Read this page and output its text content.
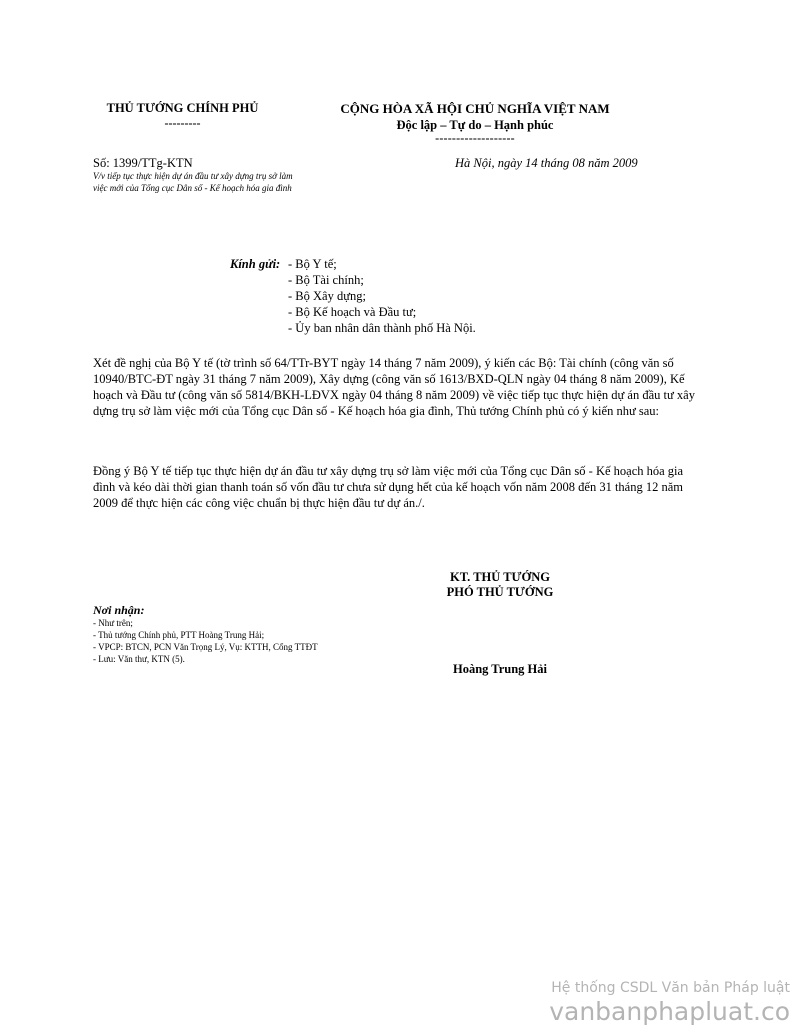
THỦ TƯỚNG CHÍNH PHỦ
---------
CỘNG HÒA XÃ HỘI CHỦ NGHĨA VIỆT NAM
Độc lập – Tự do – Hạnh phúc
-------------------
Số: 1399/TTg-KTN
V/v tiếp tục thực hiện dự án đầu tư xây dựng trụ sở làm việc mới của Tổng cục Dân số - Kế hoạch hóa gia đình
Hà Nội, ngày 14 tháng 08 năm 2009
Kính gửi: - Bộ Y tế;
- Bộ Tài chính;
- Bộ Xây dựng;
- Bộ Kế hoạch và Đầu tư;
- Ủy ban nhân dân thành phố Hà Nội.
Xét đề nghị của Bộ Y tế (tờ trình số 64/TTr-BYT ngày 14 tháng 7 năm 2009), ý kiến các Bộ: Tài chính (công văn số 10940/BTC-ĐT ngày 31 tháng 7 năm 2009), Xây dựng (công văn số 1613/BXD-QLN ngày 04 tháng 8 năm 2009), Kế hoạch và Đầu tư (công văn số 5814/BKH-LĐVX ngày 04 tháng 8 năm 2009) về việc tiếp tục thực hiện dự án đầu tư xây dựng trụ sở làm việc mới của Tổng cục Dân số - Kế hoạch hóa gia đình, Thủ tướng Chính phủ có ý kiến như sau:
Đồng ý Bộ Y tế tiếp tục thực hiện dự án đầu tư xây dựng trụ sở làm việc mới của Tổng cục Dân số - Kế hoạch hóa gia đình và kéo dài thời gian thanh toán số vốn đầu tư chưa sử dụng hết của kế hoạch vốn năm 2008 đến 31 tháng 12 năm 2009 để thực hiện các công việc chuẩn bị thực hiện đầu tư dự án./.
KT. THỦ TƯỚNG
PHÓ THỦ TƯỚNG
Hoàng Trung Hải
Nơi nhận:
- Như trên;
- Thủ tướng Chính phủ, PTT Hoàng Trung Hải;
- VPCP: BTCN, PCN Văn Trọng Lý, Vụ: KTTH, Cổng TTĐT
- Lưu: Văn thư, KTN (5).
Hệ thống CSDL Văn bản Pháp luật
vanbanphapluat.co
